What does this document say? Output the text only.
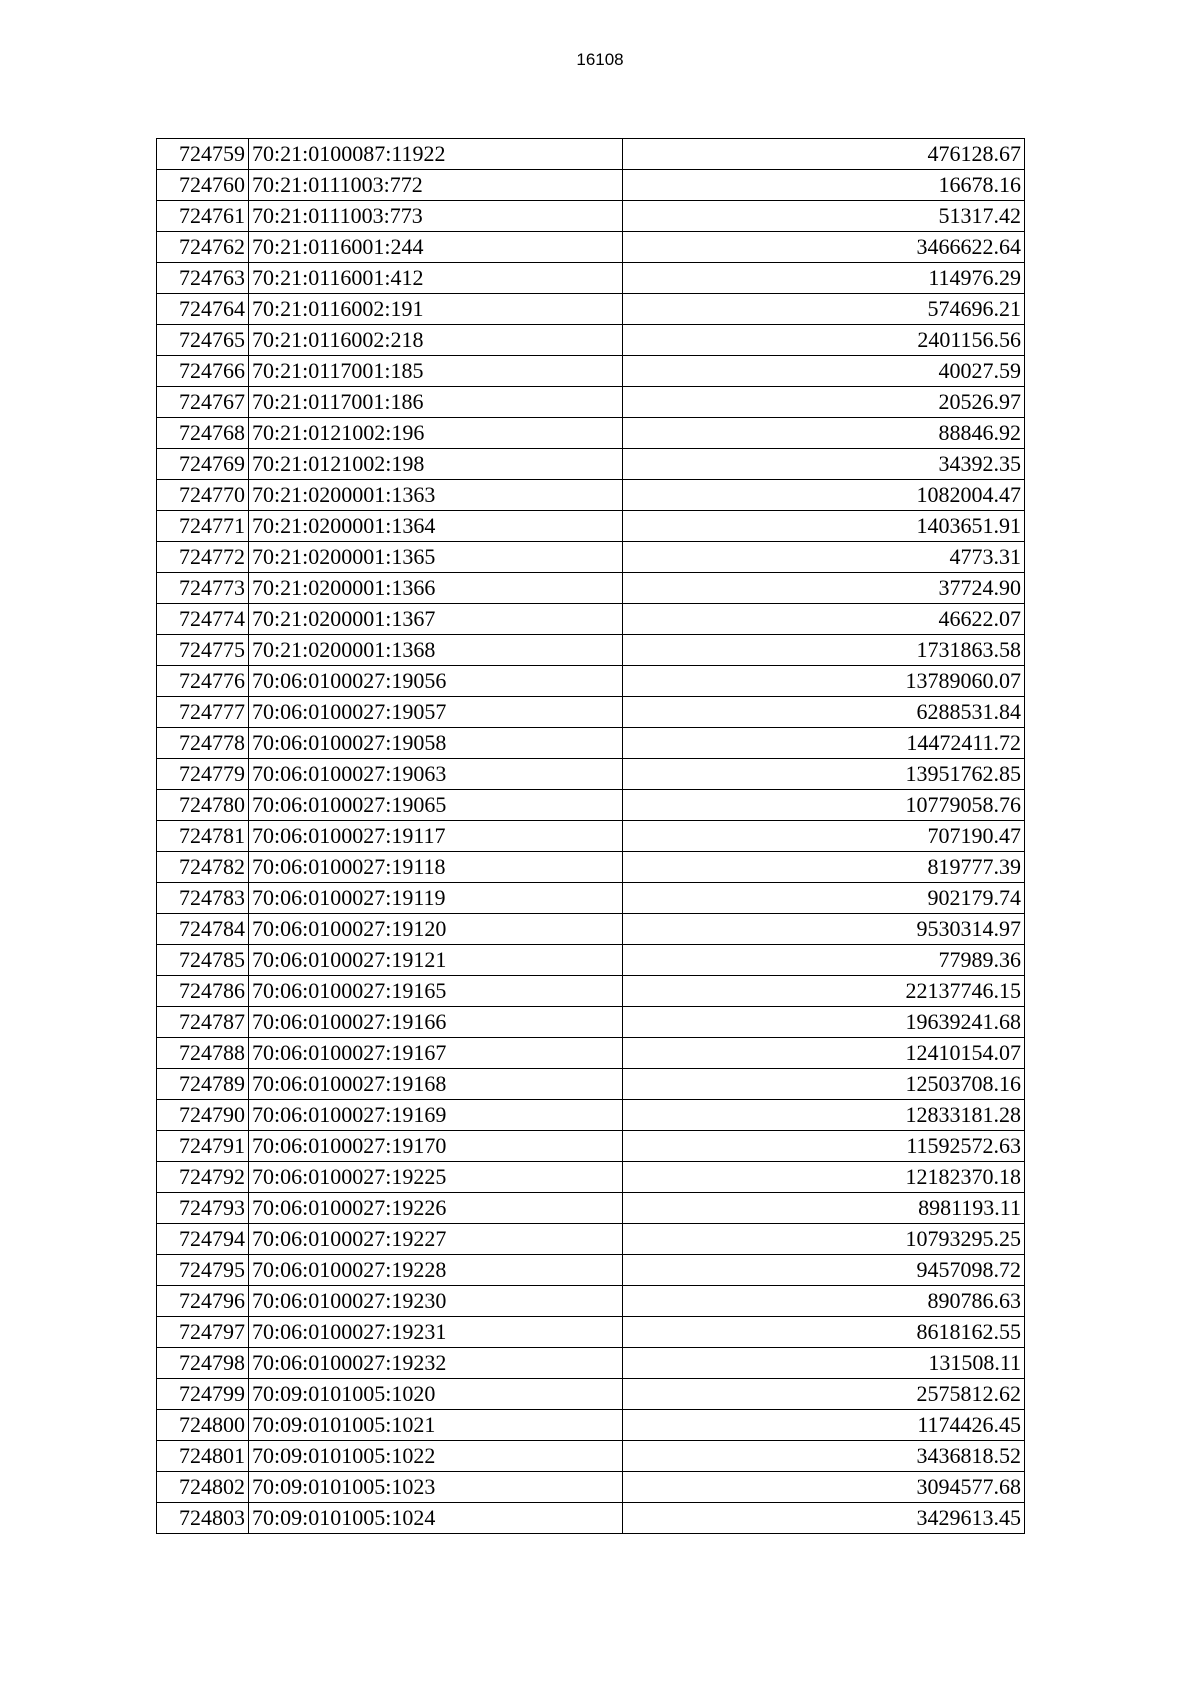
16108
724759	70:21:0100087:11922	476128.67
724760	70:21:0111003:772	16678.16
724761	70:21:0111003:773	51317.42
724762	70:21:0116001:244	3466622.64
724763	70:21:0116001:412	114976.29
724764	70:21:0116002:191	574696.21
724765	70:21:0116002:218	2401156.56
724766	70:21:0117001:185	40027.59
724767	70:21:0117001:186	20526.97
724768	70:21:0121002:196	88846.92
724769	70:21:0121002:198	34392.35
724770	70:21:0200001:1363	1082004.47
724771	70:21:0200001:1364	1403651.91
724772	70:21:0200001:1365	4773.31
724773	70:21:0200001:1366	37724.90
724774	70:21:0200001:1367	46622.07
724775	70:21:0200001:1368	1731863.58
724776	70:06:0100027:19056	13789060.07
724777	70:06:0100027:19057	6288531.84
724778	70:06:0100027:19058	14472411.72
724779	70:06:0100027:19063	13951762.85
724780	70:06:0100027:19065	10779058.76
724781	70:06:0100027:19117	707190.47
724782	70:06:0100027:19118	819777.39
724783	70:06:0100027:19119	902179.74
724784	70:06:0100027:19120	9530314.97
724785	70:06:0100027:19121	77989.36
724786	70:06:0100027:19165	22137746.15
724787	70:06:0100027:19166	19639241.68
724788	70:06:0100027:19167	12410154.07
724789	70:06:0100027:19168	12503708.16
724790	70:06:0100027:19169	12833181.28
724791	70:06:0100027:19170	11592572.63
724792	70:06:0100027:19225	12182370.18
724793	70:06:0100027:19226	8981193.11
724794	70:06:0100027:19227	10793295.25
724795	70:06:0100027:19228	9457098.72
724796	70:06:0100027:19230	890786.63
724797	70:06:0100027:19231	8618162.55
724798	70:06:0100027:19232	131508.11
724799	70:09:0101005:1020	2575812.62
724800	70:09:0101005:1021	1174426.45
724801	70:09:0101005:1022	3436818.52
724802	70:09:0101005:1023	3094577.68
724803	70:09:0101005:1024	3429613.45
